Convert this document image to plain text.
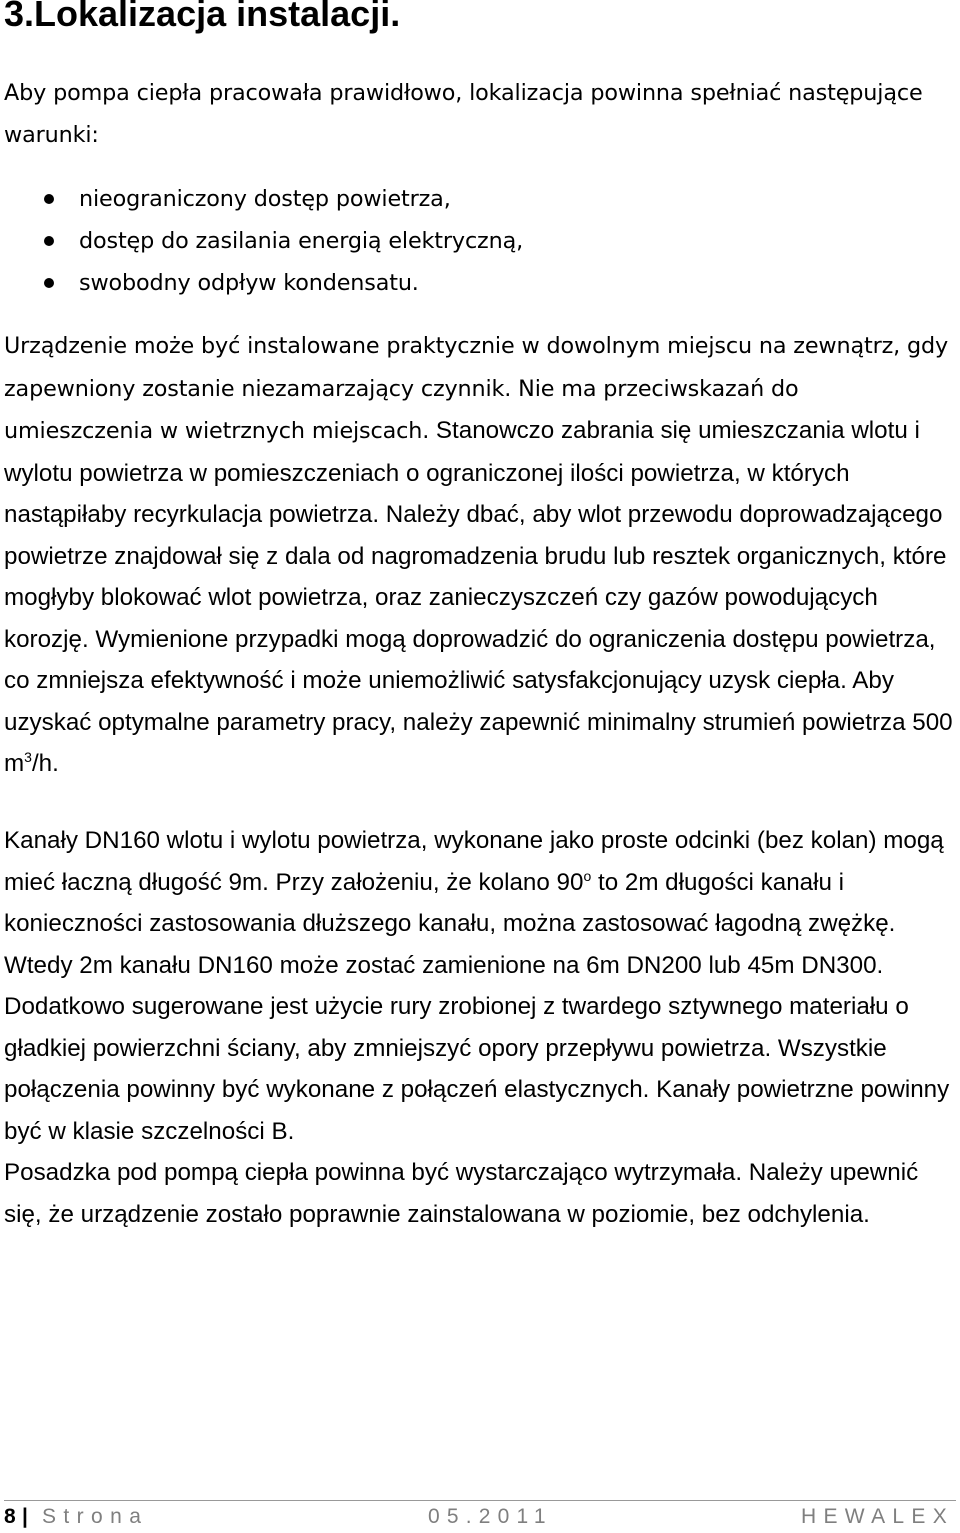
3.Lokalizacja instalacji.

Aby pompa ciepła pracowała prawidłowo, lokalizacja powinna spełniać następujące warunki:

nieograniczony dostęp powietrza,
dostęp do zasilania energią elektryczną,
swobodny odpływ kondensatu.

Urządzenie może być instalowane praktycznie w dowolnym miejscu na zewnątrz, gdy zapewniony zostanie niezamarzający czynnik. Nie ma przeciwskazań do umieszczenia w wietrznych miejscach. Stanowczo zabrania się umieszczania wlotu i wylotu powietrza w pomieszczeniach o ograniczonej ilości powietrza, w których nastąpiłaby recyrkulacja powietrza. Należy dbać, aby wlot przewodu doprowadzającego powietrze znajdował się z dala od nagromadzenia brudu lub resztek organicznych, które mogłyby blokować wlot powietrza, oraz zanieczyszczeń czy gazów powodujących korozję. Wymienione przypadki mogą doprowadzić do ograniczenia dostępu powietrza, co zmniejsza efektywność i może uniemożliwić satysfakcjonujący uzysk ciepła. Aby uzyskać optymalne parametry pracy, należy zapewnić minimalny strumień powietrza 500 $m^3/h$.

Kanały DN160 wlotu i wylotu powietrza, wykonane jako proste odcinki (bez kolan) mogą mieć łaczną długość 9m. Przy założeniu, że kolano 90$^o$ to 2m długości kanału i konieczności zastosowania dłuższego kanału, można zastosować łagodną zwężkę. Wtedy 2m kanału DN160 może zostać zamienione na 6m DN200 lub 45m DN300. Dodatkowo sugerowane jest użycie rury zrobionej z twardego sztywnego materiału o gładkiej powierzchni ściany, aby zmniejszyć opory przepływu powietrza. Wszystkie połączenia powinny być wykonane z połączeń elastycznych. Kanały powietrzne powinny być w klasie szczelności B.

Posadzka pod pompą ciepła powinna być wystarczająco wytrzymała. Należy upewnić się, że urządzenie zostało poprawnie zainstalowana w poziomie, bez odchylenia.

8 | Strona	05.2011	HEWALEX
